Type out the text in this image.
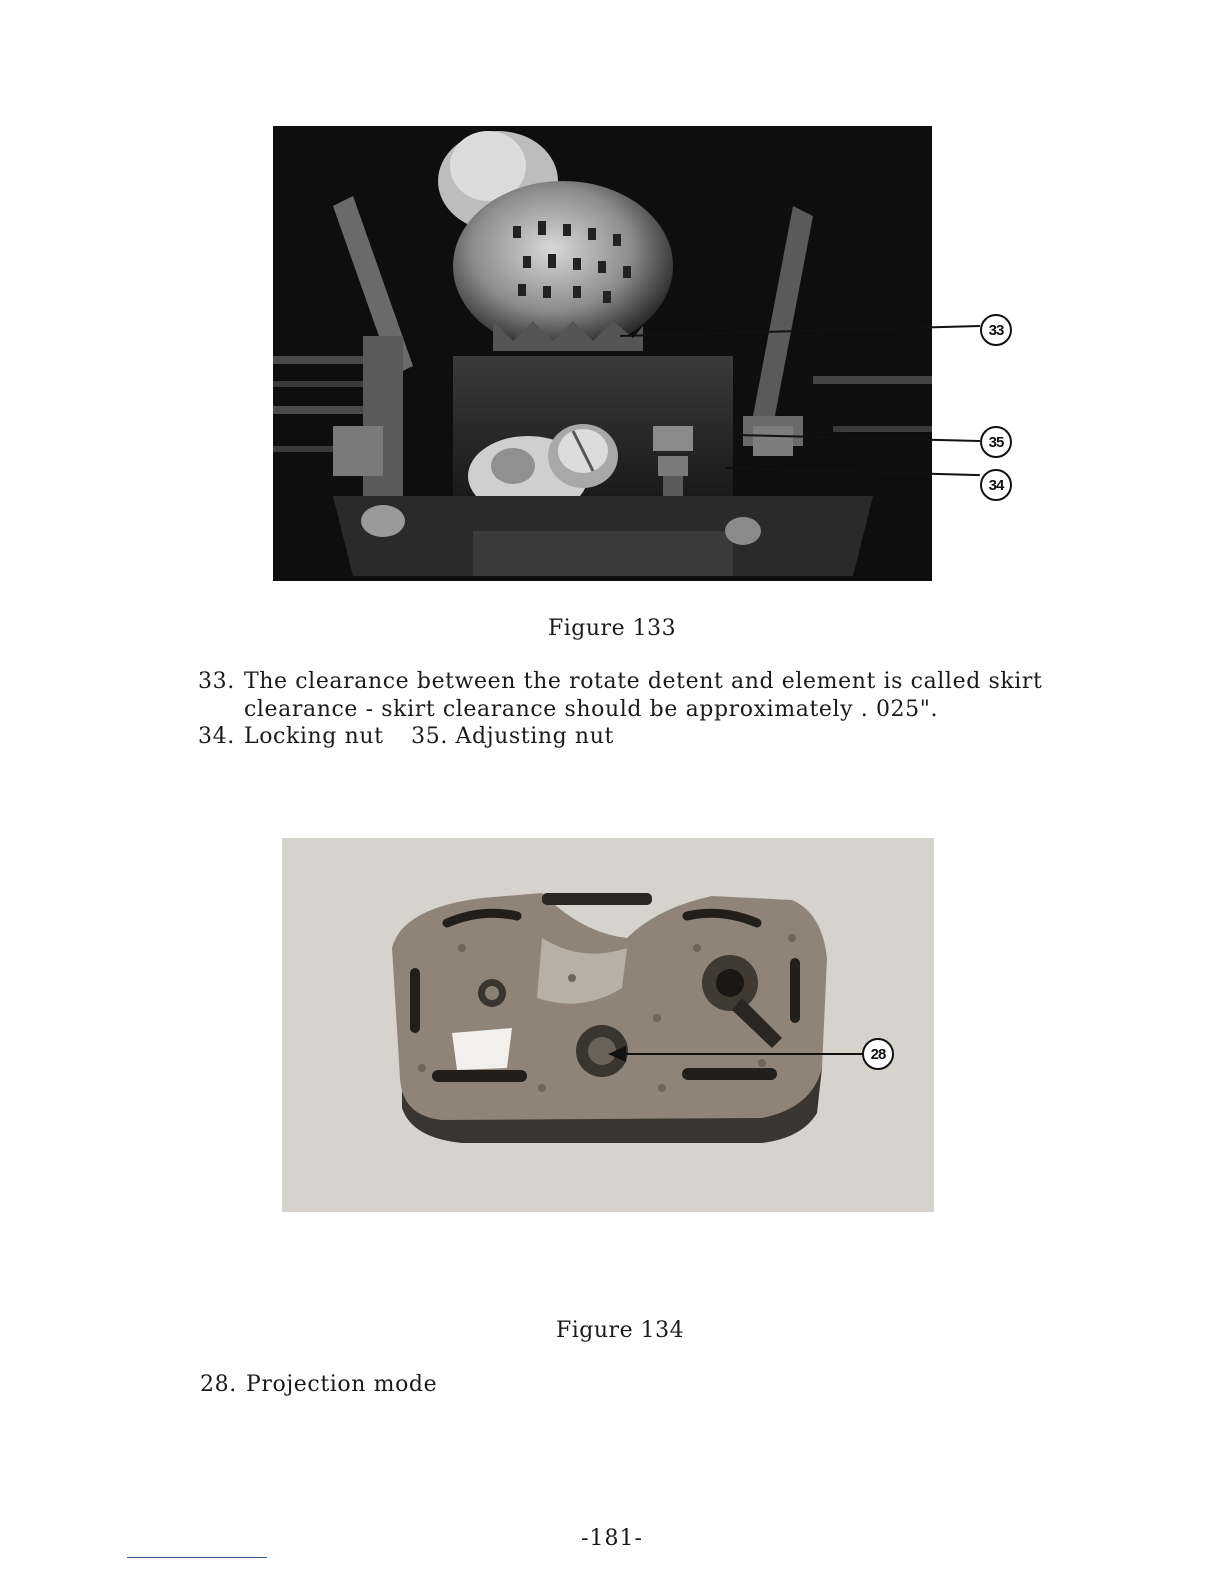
33
35
34
Figure 133
33. The clearance between the rotate detent and element is called skirt
clearance - skirt clearance should be approximately . 025".
34. Locking nut 35. Adjusting nut
28
Figure 134
28. Projection mode
-181-
